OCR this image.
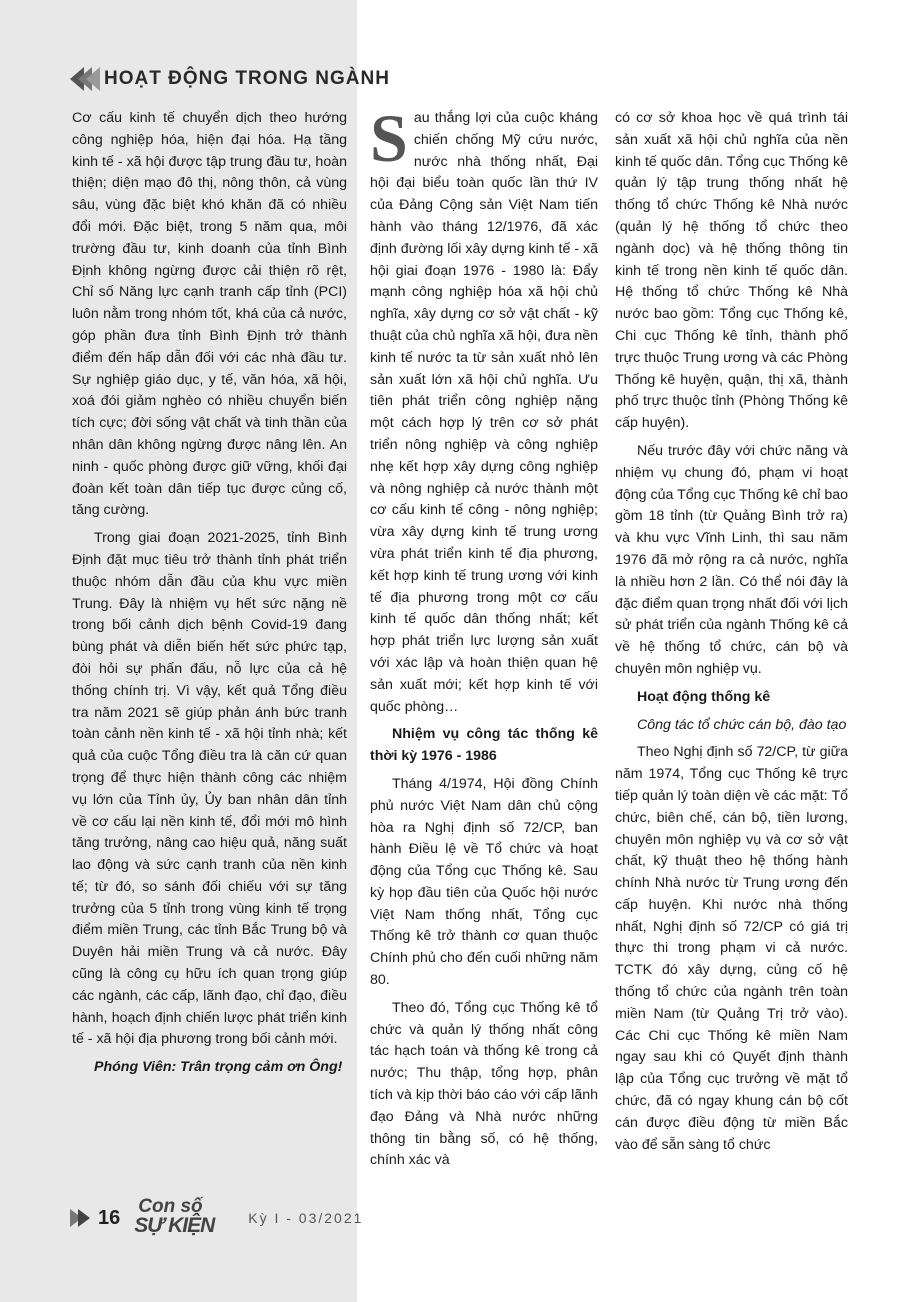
HOẠT ĐỘNG TRONG NGÀNH

Cơ cấu kinh tế chuyển dịch theo hướng công nghiệp hóa, hiện đại hóa. Hạ tầng kinh tế - xã hội được tập trung đầu tư, hoàn thiện; diện mạo đô thị, nông thôn, cả vùng sâu, vùng đặc biệt khó khăn đã có nhiều đổi mới. Đặc biệt, trong 5 năm qua, môi trường đầu tư, kinh doanh của tỉnh Bình Định không ngừng được cải thiện rõ rệt, Chỉ số Năng lực cạnh tranh cấp tỉnh (PCI) luôn nằm trong nhóm tốt, khá của cả nước, góp phần đưa tỉnh Bình Định trở thành điểm đến hấp dẫn đối với các nhà đầu tư. Sự nghiệp giáo dục, y tế, văn hóa, xã hội, xoá đói giảm nghèo có nhiều chuyển biến tích cực; đời sống vật chất và tinh thần của nhân dân không ngừng được nâng lên. An ninh - quốc phòng được giữ vững, khối đại đoàn kết toàn dân tiếp tục được củng cố, tăng cường.

Trong giai đoạn 2021-2025, tỉnh Bình Định đặt mục tiêu trở thành tỉnh phát triển thuộc nhóm dẫn đầu của khu vực miền Trung. Đây là nhiệm vụ hết sức nặng nề trong bối cảnh dịch bệnh Covid-19 đang bùng phát và diễn biến hết sức phức tạp, đòi hỏi sự phấn đấu, nỗ lực của cả hệ thống chính trị. Vì vậy, kết quả Tổng điều tra năm 2021 sẽ giúp phản ánh bức tranh toàn cảnh nền kinh tế - xã hội tỉnh nhà; kết quả của cuộc Tổng điều tra là căn cứ quan trọng để thực hiện thành công các nhiệm vụ lớn của Tỉnh ủy, Ủy ban nhân dân tỉnh về cơ cấu lại nền kinh tế, đổi mới mô hình tăng trưởng, nâng cao hiệu quả, năng suất lao động và sức cạnh tranh của nền kinh tế; từ đó, so sánh đối chiếu với sự tăng trưởng của 5 tỉnh trong vùng kinh tế trọng điểm miền Trung, các tỉnh Bắc Trung bộ và Duyên hải miền Trung và cả nước. Đây cũng là công cụ hữu ích quan trọng giúp các ngành, các cấp, lãnh đạo, chỉ đạo, điều hành, hoạch định chiến lược phát triển kinh tế - xã hội địa phương trong bối cảnh mới.

Phóng Viên: Trân trọng cảm ơn Ông!

Sau thắng lợi của cuộc kháng chiến chống Mỹ cứu nước, nước nhà thống nhất, Đại hội đại biểu toàn quốc lần thứ IV của Đảng Cộng sản Việt Nam tiến hành vào tháng 12/1976, đã xác định đường lối xây dựng kinh tế - xã hội giai đoạn 1976 - 1980 là: Đẩy mạnh công nghiệp hóa xã hội chủ nghĩa, xây dựng cơ sở vật chất - kỹ thuật của chủ nghĩa xã hội, đưa nền kinh tế nước ta từ sản xuất nhỏ lên sản xuất lớn xã hội chủ nghĩa. Ưu tiên phát triển công nghiệp nặng một cách hợp lý trên cơ sở phát triển nông nghiệp và công nghiệp nhẹ kết hợp xây dựng công nghiệp và nông nghiệp cả nước thành một cơ cấu kinh tế công - nông nghiệp; vừa xây dựng kinh tế trung ương vừa phát triển kinh tế địa phương, kết hợp kinh tế trung ương với kinh tế địa phương trong một cơ cấu kinh tế quốc dân thống nhất; kết hợp phát triển lực lượng sản xuất với xác lập và hoàn thiện quan hệ sản xuất mới; kết hợp kinh tế với quốc phòng…

Nhiệm vụ công tác thống kê thời kỳ 1976 - 1986

Tháng 4/1974, Hội đồng Chính phủ nước Việt Nam dân chủ cộng hòa ra Nghị định số 72/CP, ban hành Điều lệ về Tổ chức và hoạt động của Tổng cục Thống kê. Sau kỳ họp đầu tiên của Quốc hội nước Việt Nam thống nhất, Tổng cục Thống kê trở thành cơ quan thuộc Chính phủ cho đến cuối những năm 80.

Theo đó, Tổng cục Thống kê tổ chức và quản lý thống nhất công tác hạch toán và thống kê trong cả nước; Thu thập, tổng hợp, phân tích và kịp thời báo cáo với cấp lãnh đạo Đảng và Nhà nước những thông tin bằng số, có hệ thống, chính xác và

có cơ sở khoa học về quá trình tái sản xuất xã hội chủ nghĩa của nền kinh tế quốc dân. Tổng cục Thống kê quản lý tập trung thống nhất hệ thống tổ chức Thống kê Nhà nước (quản lý hệ thống tổ chức theo ngành dọc) và hệ thống thông tin kinh tế trong nền kinh tế quốc dân. Hệ thống tổ chức Thống kê Nhà nước bao gồm: Tổng cục Thống kê, Chi cục Thống kê tỉnh, thành phố trực thuộc Trung ương và các Phòng Thống kê huyện, quận, thị xã, thành phố trực thuộc tỉnh (Phòng Thống kê cấp huyện).

Nếu trước đây với chức năng và nhiệm vụ chung đó, phạm vi hoạt động của Tổng cục Thống kê chỉ bao gồm 18 tỉnh (từ Quảng Bình trở ra) và khu vực Vĩnh Linh, thì sau năm 1976 đã mở rộng ra cả nước, nghĩa là nhiều hơn 2 lần. Có thể nói đây là đặc điểm quan trọng nhất đối với lịch sử phát triển của ngành Thống kê cả về hệ thống tổ chức, cán bộ và chuyên môn nghiệp vụ.

Hoạt động thống kê

Công tác tổ chức cán bộ, đào tạo

Theo Nghị định số 72/CP, từ giữa năm 1974, Tổng cục Thống kê trực tiếp quản lý toàn diện về các mặt: Tổ chức, biên chế, cán bộ, tiền lương, chuyên môn nghiệp vụ và cơ sở vật chất, kỹ thuật theo hệ thống hành chính Nhà nước từ Trung ương đến cấp huyện. Khi nước nhà thống nhất, Nghị định số 72/CP có giá trị thực thi trong phạm vi cả nước. TCTK đó xây dựng, củng cố hệ thống tổ chức của ngành trên toàn miền Nam (từ Quảng Trị trở vào). Các Chi cục Thống kê miền Nam ngay sau khi có Quyết định thành lập của Tổng cục trưởng về mặt tổ chức, đã có ngay khung cán bộ cốt cán được điều động từ miền Bắc vào để sẵn sàng tổ chức

16 Con số
SỰ KIỆN Kỳ I - 03/2021
